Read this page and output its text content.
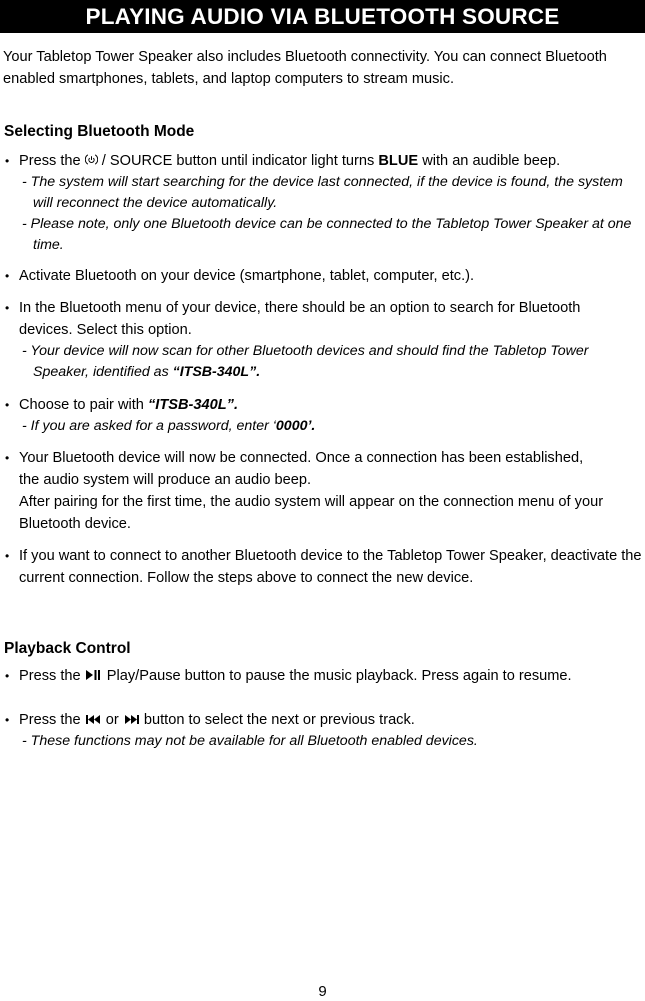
PLAYING AUDIO VIA BLUETOOTH SOURCE
Your Tabletop Tower Speaker also includes Bluetooth connectivity. You can connect Bluetooth enabled smartphones, tablets, and laptop computers to stream music.
Selecting Bluetooth Mode
• Press the / SOURCE button until indicator light turns BLUE with an audible beep.
- The system will start searching for the device last connected, if the device is found, the system will reconnect the device automatically.
- Please note, only one Bluetooth device can be connected to the Tabletop Tower Speaker at one time.
• Activate Bluetooth on your device (smartphone, tablet, computer, etc.).
• In the Bluetooth menu of your device, there should be an option to search for Bluetooth devices. Select this option.
- Your device will now scan for other Bluetooth devices and should find the Tabletop Tower Speaker, identified as “ITSB-340L”.
• Choose to pair with “ITSB-340L”.
- If you are asked for a password, enter ‘0000’.
• Your Bluetooth device will now be connected. Once a connection has been established, the audio system will produce an audio beep.
After pairing for the first time, the audio system will appear on the connection menu of your Bluetooth device.
• If you want to connect to another Bluetooth device to the Tabletop Tower Speaker, deactivate the current connection. Follow the steps above to connect the new device.
Playback Control
• Press the Play/Pause button to pause the music playback. Press again to resume.
• Press the or button to select the next or previous track.
- These functions may not be available for all Bluetooth enabled devices.
9
